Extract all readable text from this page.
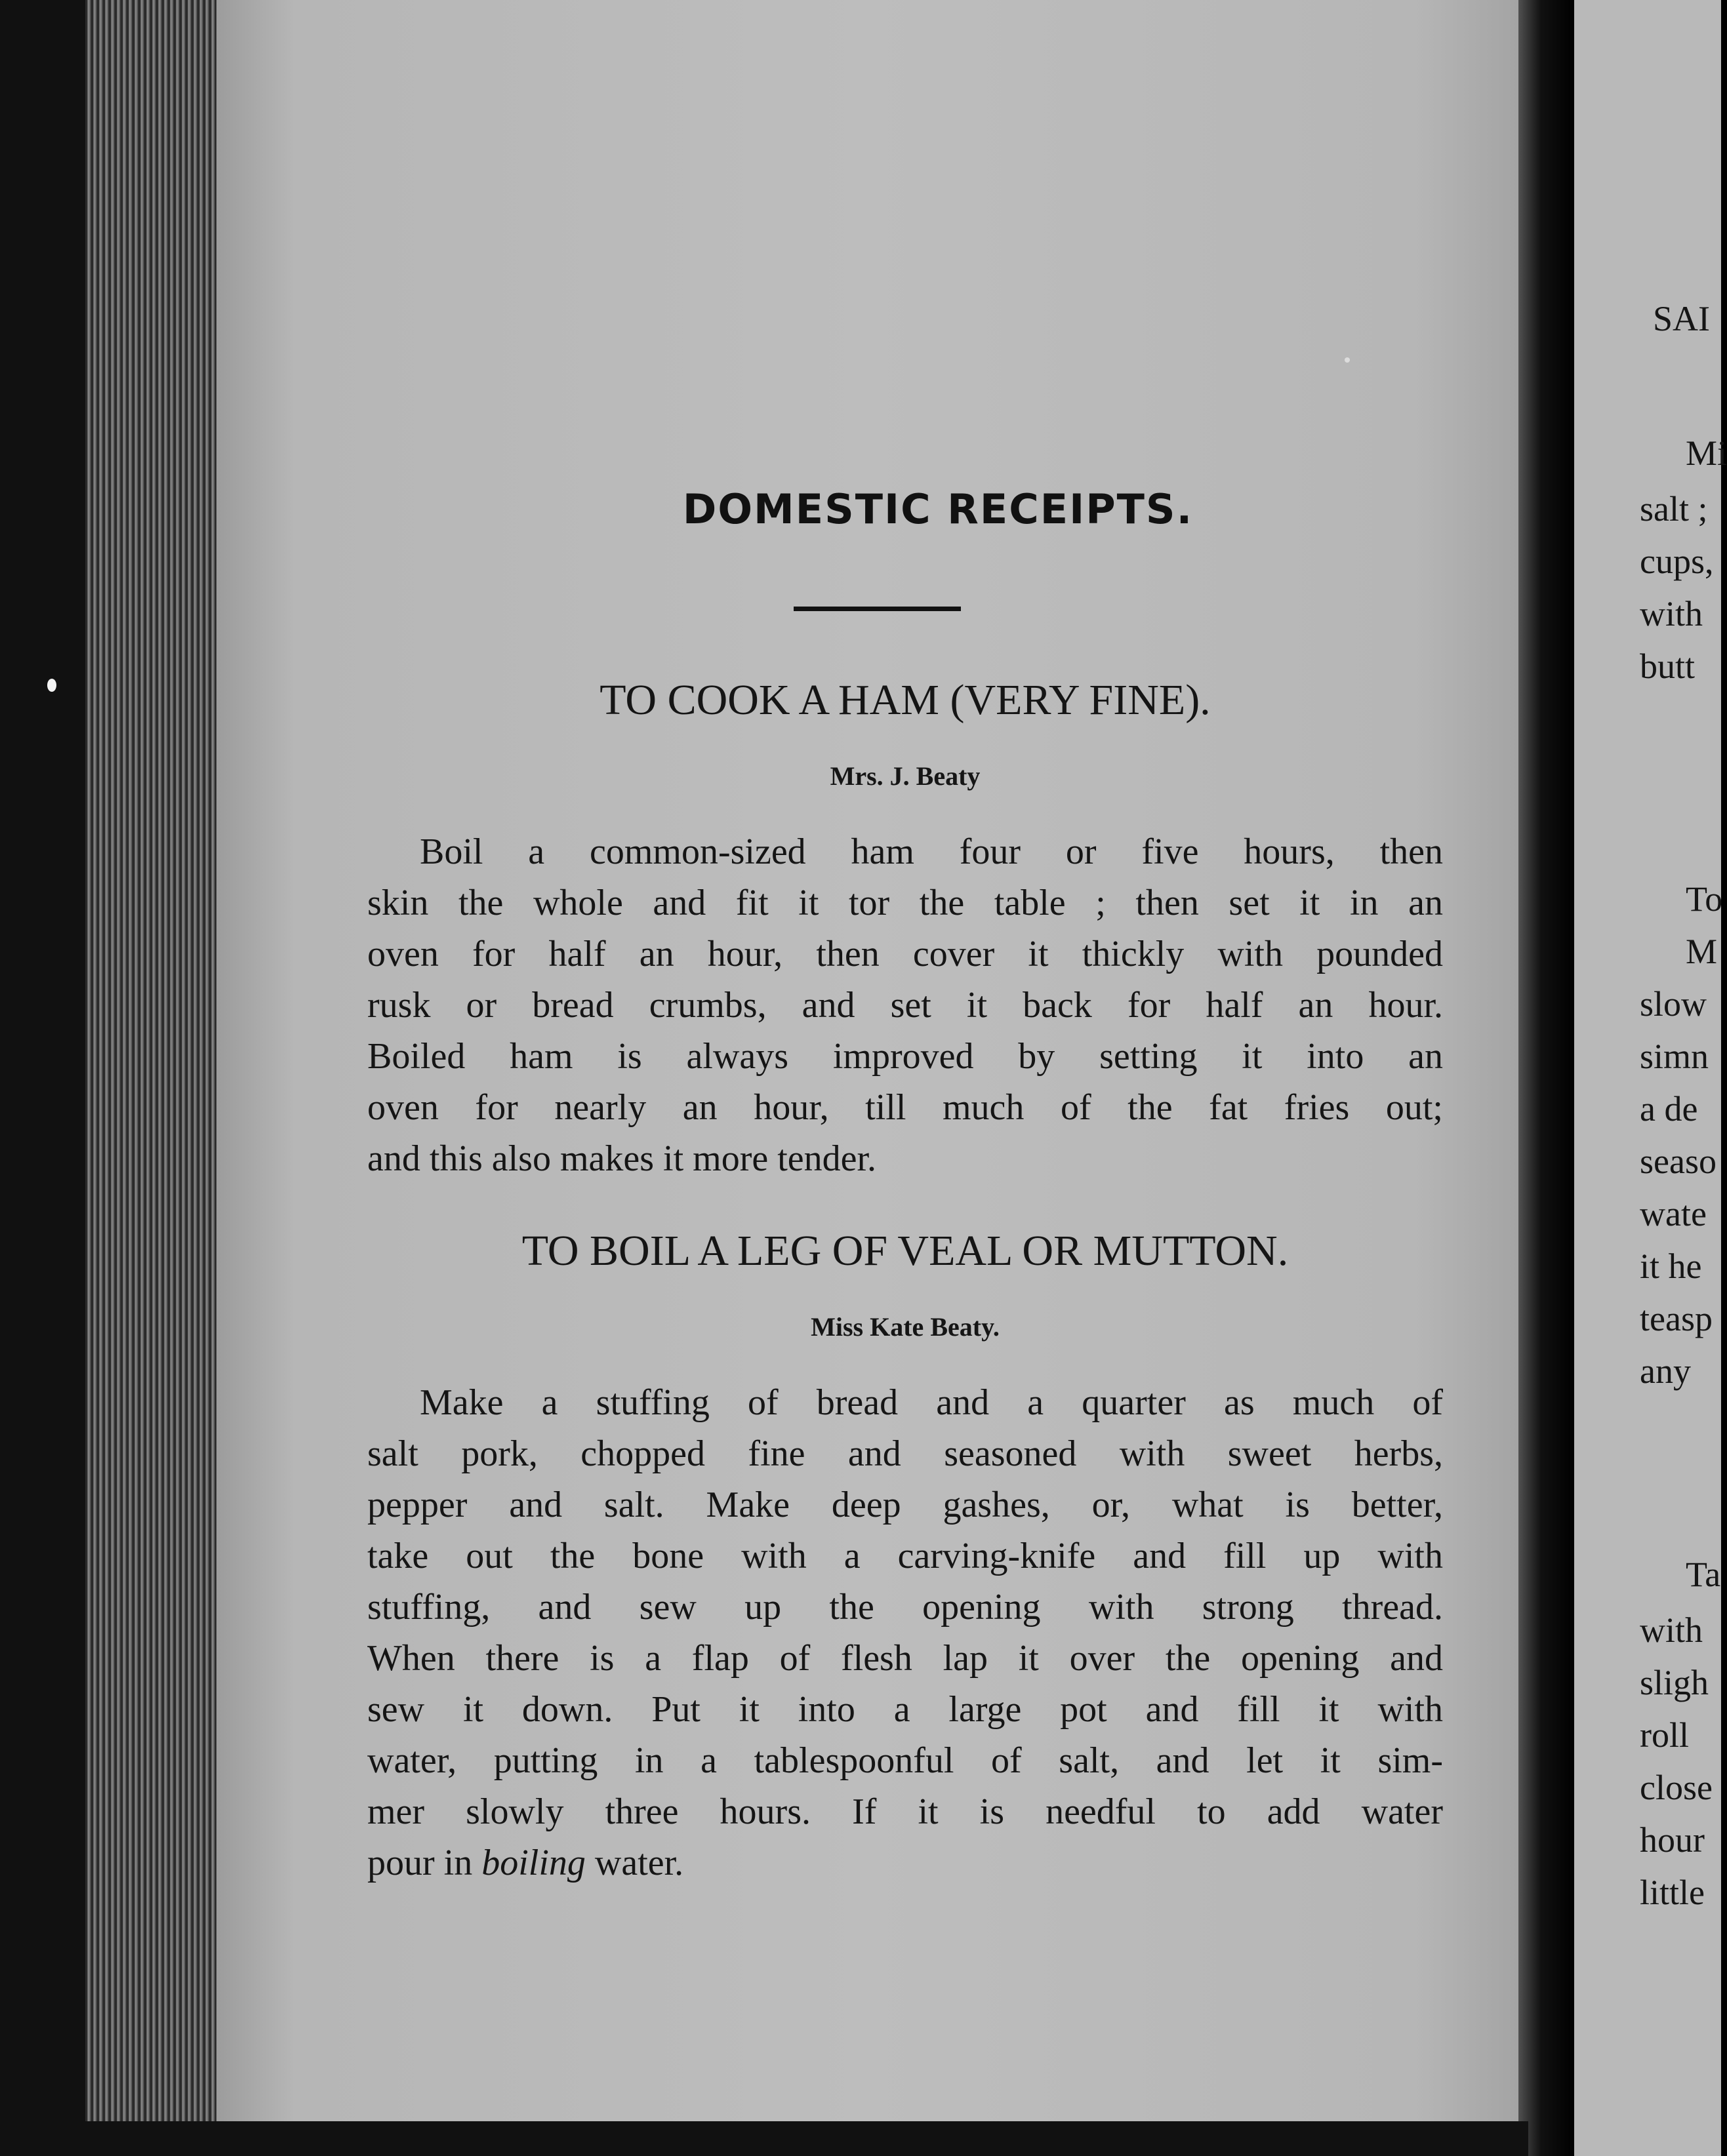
DOMESTIC RECEIPTS.
TO COOK A HAM (VERY FINE).
Mrs. J. Beaty
Boil a common-sized ham four or five hours, then
skin the whole and fit it tor the table ; then set it in an
oven for half an hour, then cover it thickly with pounded
rusk or bread crumbs, and set it back for half an hour.
Boiled ham is always improved by setting it into an
oven for nearly an hour, till much of the fat fries out;
and this also makes it more tender.
TO BOIL A LEG OF VEAL OR MUTTON.
Miss Kate Beaty.
Make a stuffing of bread and a quarter as much of
salt pork, chopped fine and seasoned with sweet herbs,
pepper and salt. Make deep gashes, or, what is better,
take out the bone with a carving-knife and fill up with
stuffing, and sew up the opening with strong thread.
When there is a flap of flesh lap it over the opening and
sew it down. Put it into a large pot and fill it with
water, putting in a tablespoonful of salt, and let it sim-
mer slowly three hours. If it is needful to add water
pour in boiling water.
SAI
Mi
salt ;
cups,
with
butt
To
M
slow
simn
a de
seaso
wate
it he
teasp
any
Ta
with
sligh
roll
close
hour
little
